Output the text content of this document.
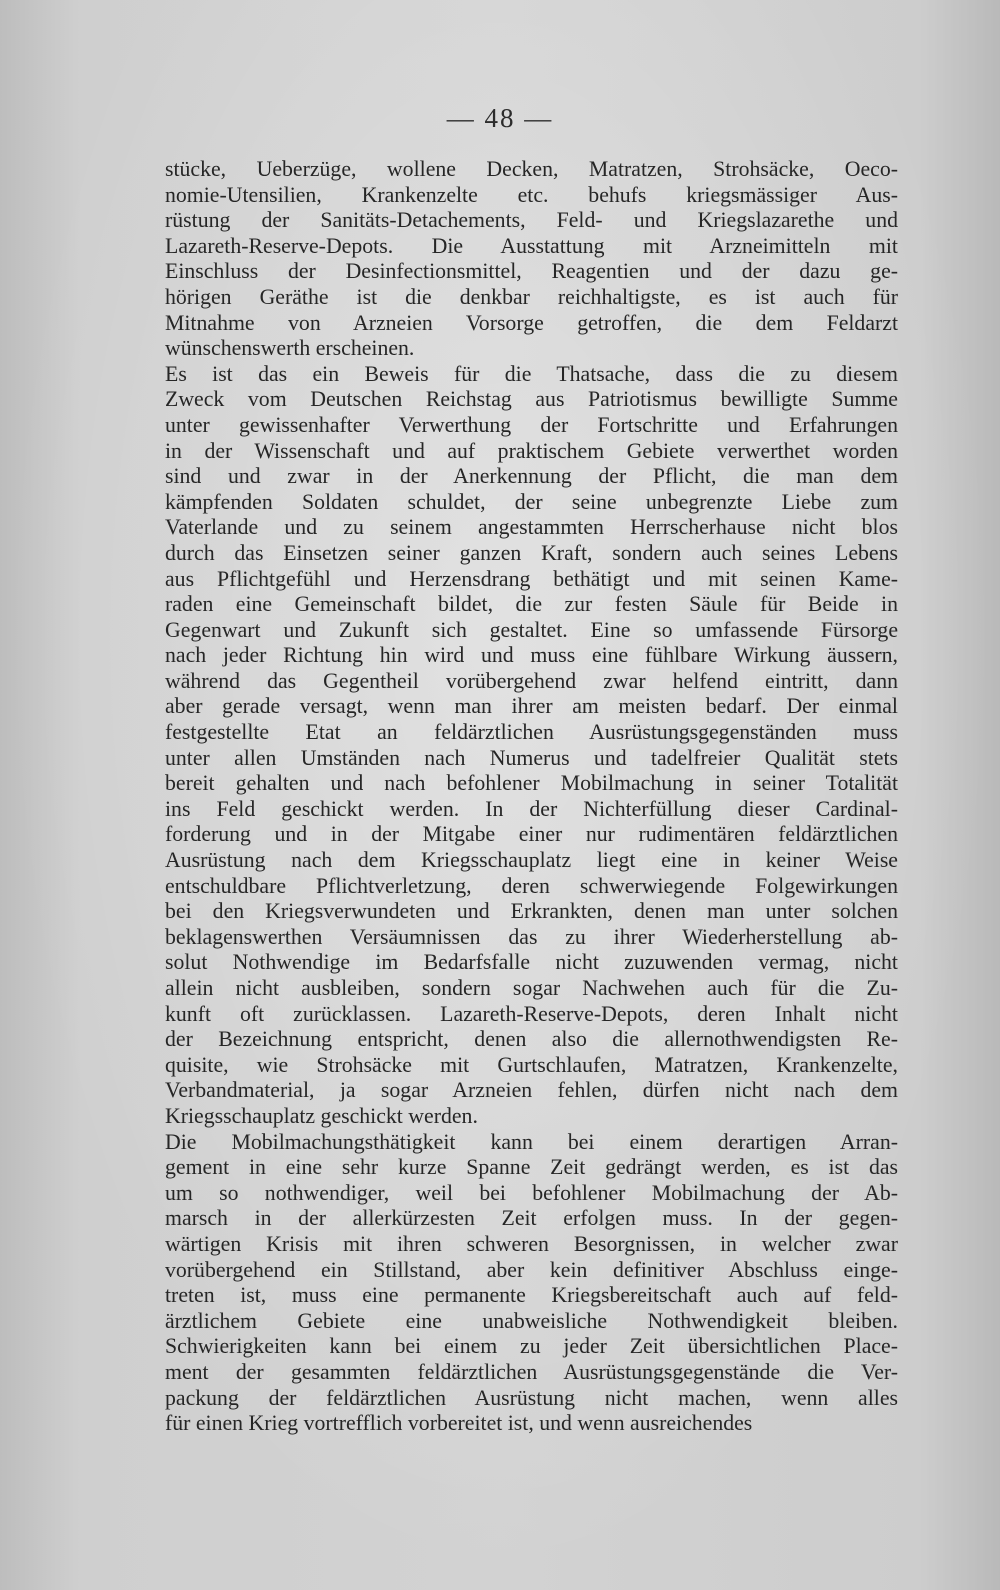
— 48 —
stücke, Ueberzüge, wollene Decken, Matratzen, Strohsäcke, Oeco-
nomie-Utensilien, Krankenzelte etc. behufs kriegsmässiger Aus-
rüstung der Sanitäts-Detachements, Feld- und Kriegslazarethe und
Lazareth-Reserve-Depots. Die Ausstattung mit Arzneimitteln mit
Einschluss der Desinfectionsmittel, Reagentien und der dazu ge-
hörigen Geräthe ist die denkbar reichhaltigste, es ist auch für
Mitnahme von Arzneien Vorsorge getroffen, die dem Feldarzt
wünschenswerth erscheinen.
Es ist das ein Beweis für die Thatsache, dass die zu diesem
Zweck vom Deutschen Reichstag aus Patriotismus bewilligte Summe
unter gewissenhafter Verwerthung der Fortschritte und Erfahrungen
in der Wissenschaft und auf praktischem Gebiete verwerthet worden
sind und zwar in der Anerkennung der Pflicht, die man dem
kämpfenden Soldaten schuldet, der seine unbegrenzte Liebe zum
Vaterlande und zu seinem angestammten Herrscherhause nicht blos
durch das Einsetzen seiner ganzen Kraft, sondern auch seines Lebens
aus Pflichtgefühl und Herzensdrang bethätigt und mit seinen Kame-
raden eine Gemeinschaft bildet, die zur festen Säule für Beide in
Gegenwart und Zukunft sich gestaltet. Eine so umfassende Fürsorge
nach jeder Richtung hin wird und muss eine fühlbare Wirkung äussern,
während das Gegentheil vorübergehend zwar helfend eintritt, dann
aber gerade versagt, wenn man ihrer am meisten bedarf. Der einmal
festgestellte Etat an feldärztlichen Ausrüstungsgegenständen muss
unter allen Umständen nach Numerus und tadelfreier Qualität stets
bereit gehalten und nach befohlener Mobilmachung in seiner Totalität
ins Feld geschickt werden. In der Nichterfüllung dieser Cardinal-
forderung und in der Mitgabe einer nur rudimentären feldärztlichen
Ausrüstung nach dem Kriegsschauplatz liegt eine in keiner Weise
entschuldbare Pflichtverletzung, deren schwerwiegende Folgewirkungen
bei den Kriegsverwundeten und Erkrankten, denen man unter solchen
beklagenswerthen Versäumnissen das zu ihrer Wiederherstellung ab-
solut Nothwendige im Bedarfsfalle nicht zuzuwenden vermag, nicht
allein nicht ausbleiben, sondern sogar Nachwehen auch für die Zu-
kunft oft zurücklassen. Lazareth-Reserve-Depots, deren Inhalt nicht
der Bezeichnung entspricht, denen also die allernothwendigsten Re-
quisite, wie Strohsäcke mit Gurtschlaufen, Matratzen, Krankenzelte,
Verbandmaterial, ja sogar Arzneien fehlen, dürfen nicht nach dem
Kriegsschauplatz geschickt werden.
Die Mobilmachungsthätigkeit kann bei einem derartigen Arran-
gement in eine sehr kurze Spanne Zeit gedrängt werden, es ist das
um so nothwendiger, weil bei befohlener Mobilmachung der Ab-
marsch in der allerkürzesten Zeit erfolgen muss. In der gegen-
wärtigen Krisis mit ihren schweren Besorgnissen, in welcher zwar
vorübergehend ein Stillstand, aber kein definitiver Abschluss einge-
treten ist, muss eine permanente Kriegsbereitschaft auch auf feld-
ärztlichem Gebiete eine unabweisliche Nothwendigkeit bleiben.
Schwierigkeiten kann bei einem zu jeder Zeit übersichtlichen Place-
ment der gesammten feldärztlichen Ausrüstungsgegenstände die Ver-
packung der feldärztlichen Ausrüstung nicht machen, wenn alles
für einen Krieg vortrefflich vorbereitet ist, und wenn ausreichendes
